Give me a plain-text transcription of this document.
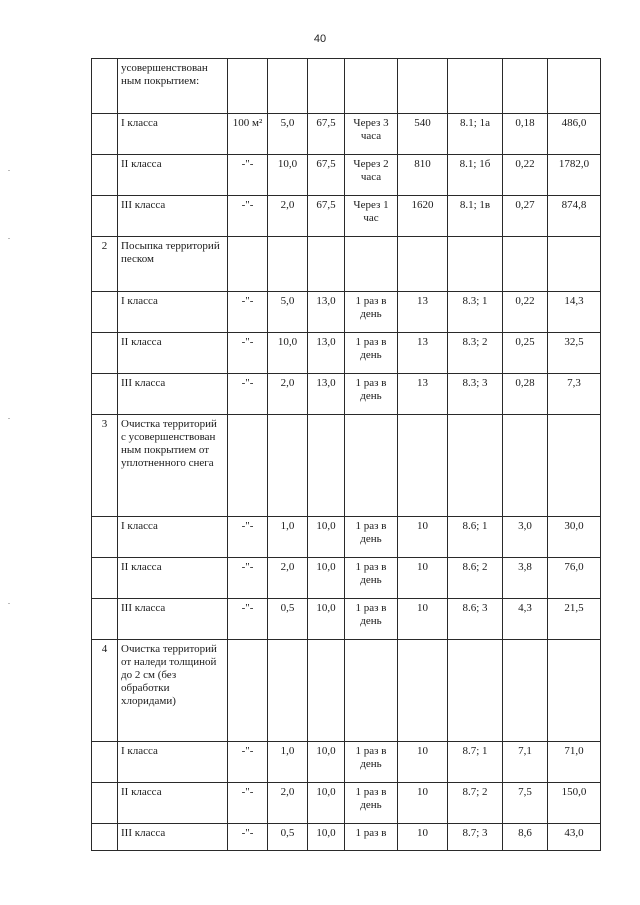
40
	усовершенствован ным покрытием:								
	I класса	100 м²	5,0	67,5	Через 3 часа	540	8.1; 1а	0,18	486,0
	II класса	-"-	10,0	67,5	Через 2 часа	810	8.1; 1б	0,22	1782,0
	III класса	-"-	2,0	67,5	Через 1 час	1620	8.1; 1в	0,27	874,8
2	Посыпка территорий песком								
	I класса	-"-	5,0	13,0	1 раз в день	13	8.3; 1	0,22	14,3
	II класса	-"-	10,0	13,0	1 раз в день	13	8.3; 2	0,25	32,5
	III класса	-"-	2,0	13,0	1 раз в день	13	8.3; 3	0,28	7,3
3	Очистка территорий с усовершенствован ным покрытием от уплотненного снега								
	I класса	-"-	1,0	10,0	1 раз в день	10	8.6; 1	3,0	30,0
	II класса	-"-	2,0	10,0	1 раз в день	10	8.6; 2	3,8	76,0
	III класса	-"-	0,5	10,0	1 раз в день	10	8.6; 3	4,3	21,5
4	Очистка территорий от наледи толщиной до 2 см (без обработки хлоридами)								
	I класса	-"-	1,0	10,0	1 раз в день	10	8.7; 1	7,1	71,0
	II класса	-"-	2,0	10,0	1 раз в день	10	8.7; 2	7,5	150,0
	III класса	-"-	0,5	10,0	1 раз в	10	8.7; 3	8,6	43,0
